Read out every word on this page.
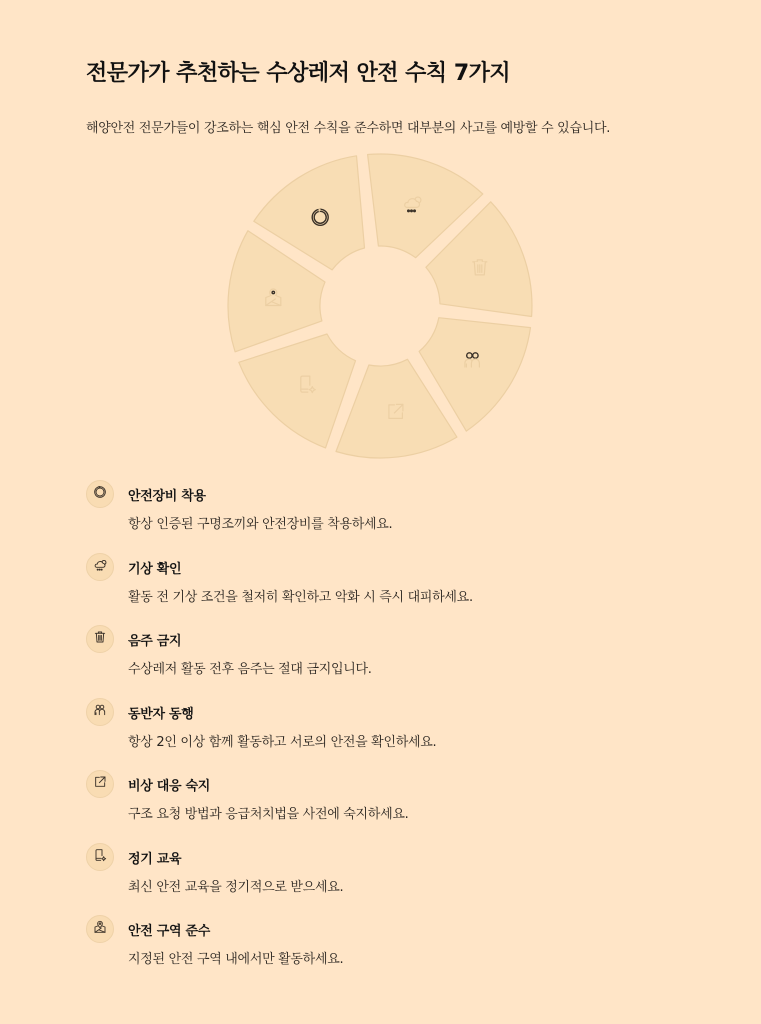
전문가가 추천하는 수상레저 안전 수칙 7가지

해양안전 전문가들이 강조하는 핵심 안전 수칙을 준수하면 대부분의 사고를 예방할 수 있습니다.

안전장비 착용
항상 인증된 구명조끼와 안전장비를 착용하세요.
기상 확인
활동 전 기상 조건을 철저히 확인하고 악화 시 즉시 대피하세요.
음주 금지
수상레저 활동 전후 음주는 절대 금지입니다.
동반자 동행
항상 2인 이상 함께 활동하고 서로의 안전을 확인하세요.
비상 대응 숙지
구조 요청 방법과 응급처치법을 사전에 숙지하세요.
정기 교육
최신 안전 교육을 정기적으로 받으세요.
안전 구역 준수
지정된 안전 구역 내에서만 활동하세요.
